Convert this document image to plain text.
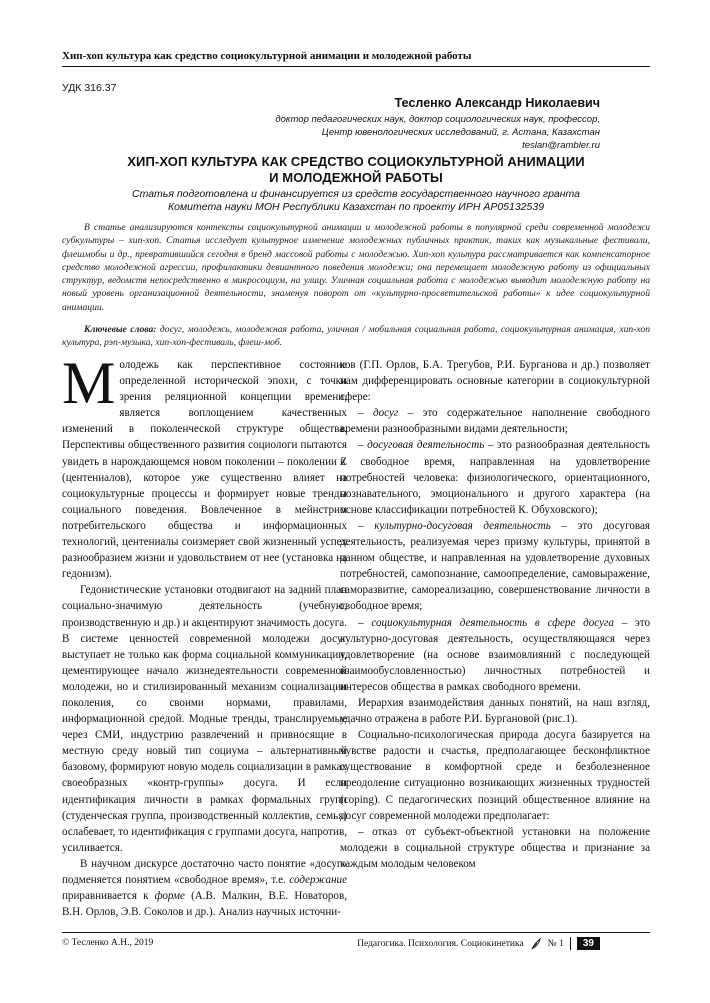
Хип-хоп культура как средство социокультурной анимации и молодежной работы
УДК 316.37
Тесленко Александр Николаевич
доктор педагогических наук, доктор социологических наук, профессор,
Центр ювенологических исследований, г. Астана, Казахстан
teslan@rambler.ru
ХИП-ХОП КУЛЬТУРА КАК СРЕДСТВО СОЦИОКУЛЬТУРНОЙ АНИМАЦИИ
И МОЛОДЕЖНОЙ РАБОТЫ
Статья подготовлена и финансируется из средств государственного научного гранта
Комитета науки МОН Республики Казахстан по проекту ИРН АР05132539
В статье анализируются контексты социокультурной анимации и молодежной работы в популярной среди современной молодежи субкультуры – хип-хоп. Статья исследует культурное изменение молодежных публичных практик, таких как музыкальные фестивали, флешмобы и др., превратившийся сегодня в бренд массовой работы с молодежью. Хип-хоп культура рассматривается как компенсаторное средство молодежной агрессии, профилактики девиантного поведения молодежи; она перемещает молодежную работу из официальных структур, ведомств непосредственно в микросоциум, на улицу. Уличная социальная работа с молодежью выводит молодежную работу на новый уровень организационной деятельности, знаменуя поворот от «культурно-просветительской работы» к идее социокультурной анимации.
Ключевые слова: досуг, молодежь, молодежная работа, уличная / мобильная социальная работа, социокультурная анимация, хип-хоп культура, рэп-музыка, хип-хоп-фестиваль, флеш-моб.

Молодежь как перспективное состояние определенной исторической эпохи, с точки зрения реляционной концепции времени, является воплощением качественных изменений в поколенческой структуре общества. Перспективы общественного развития социологи пытаются увидеть в нарождающемся новом поколении – поколении Z (центениалов), которое уже существенно влияет на социокультурные процессы и формирует новые тренды социального поведения. Вовлеченное в мейнстрим потребительского общества и информационных технологий, центениалы соизмеряет свой жизненный успех разнообразием жизни и удовольствием от нее (установка на гедонизм).

Гедонистические установки отодвигают на задний план социально-значимую деятельность (учебную, производственную и др.) и акцентируют значимость досуга. В системе ценностей современной молодежи досуг выступает не только как форма социальной коммуникации, цементирующее начало жизнедеятельности современной молодежи, но и стилизированный механизм социализации поколения, со своими нормами, правилами, информационной средой. Модные тренды, транслируемые через СМИ, индустрию развлечений и привносящие в местную среду новый тип социума – альтернативный базовому, формируют новую модель социализации в рамках своеобразных «контр-группы» досуга. И если идентификация личности в рамках формальных групп (студенческая группа, производственный коллектив, семья) ослабевает, то идентификация с группами досуга, напротив, усиливается.

В научном дискурсе достаточно часто понятие «досуг» подменяется понятием «свободное время», т.е. содержание приравнивается к форме (А.В. Малкин, В.Е. Новаторов, В.Н. Орлов, Э.В. Соколов и др.). Анализ научных источни-

ков (Г.П. Орлов, Б.А. Трегубов, Р.И. Бурганова и др.) позволяет нам дифференцировать основные категории в социокультурной сфере:

– досуг – это содержательное наполнение свободного времени разнообразными видами деятельности;

– досуговая деятельность – это разнообразная деятельность в свободное время, направленная на удовлетворение потребностей человека: физиологического, ориентационного, познавательного, эмоционального и другого характера (на основе классификации потребностей К. Обуховского);

– культурно-досуговая деятельность – это досуговая деятельность, реализуемая через призму культуры, принятой в данном обществе, и направленная на удовлетворение духовных потребностей, самопознание, самоопределение, самовыражение, саморазвитие, самореализацию, совершенствование личности в свободное время;

– социокультурная деятельность в сфере досуга – это культурно-досуговая деятельность, осуществляющаяся через удовлетворение (на основе взаимовлияний с последующей взаимообусловленностью) личностных потребностей и интересов общества в рамках свободного времени.

Иерархия взаимодействия данных понятий, на наш взгляд, удачно отражена в работе Р.И. Бургановой (рис.1).

Социально-психологическая природа досуга базируется на чувстве радости и счастья, предполагающее бесконфликтное существование в комфортной среде и безболезненное преодоление ситуационно возникающих жизненных трудностей (coping). С педагогических позиций общественное влияние на досуг современной молодежи предполагает:

– отказ от субъект-объектной установки на положение молодежи в социальной структуре общества и признание за каждым молодым человеком

© Тесленко А.Н., 2019	Педагогика. Психология. Социокинетика	№ 1	39
